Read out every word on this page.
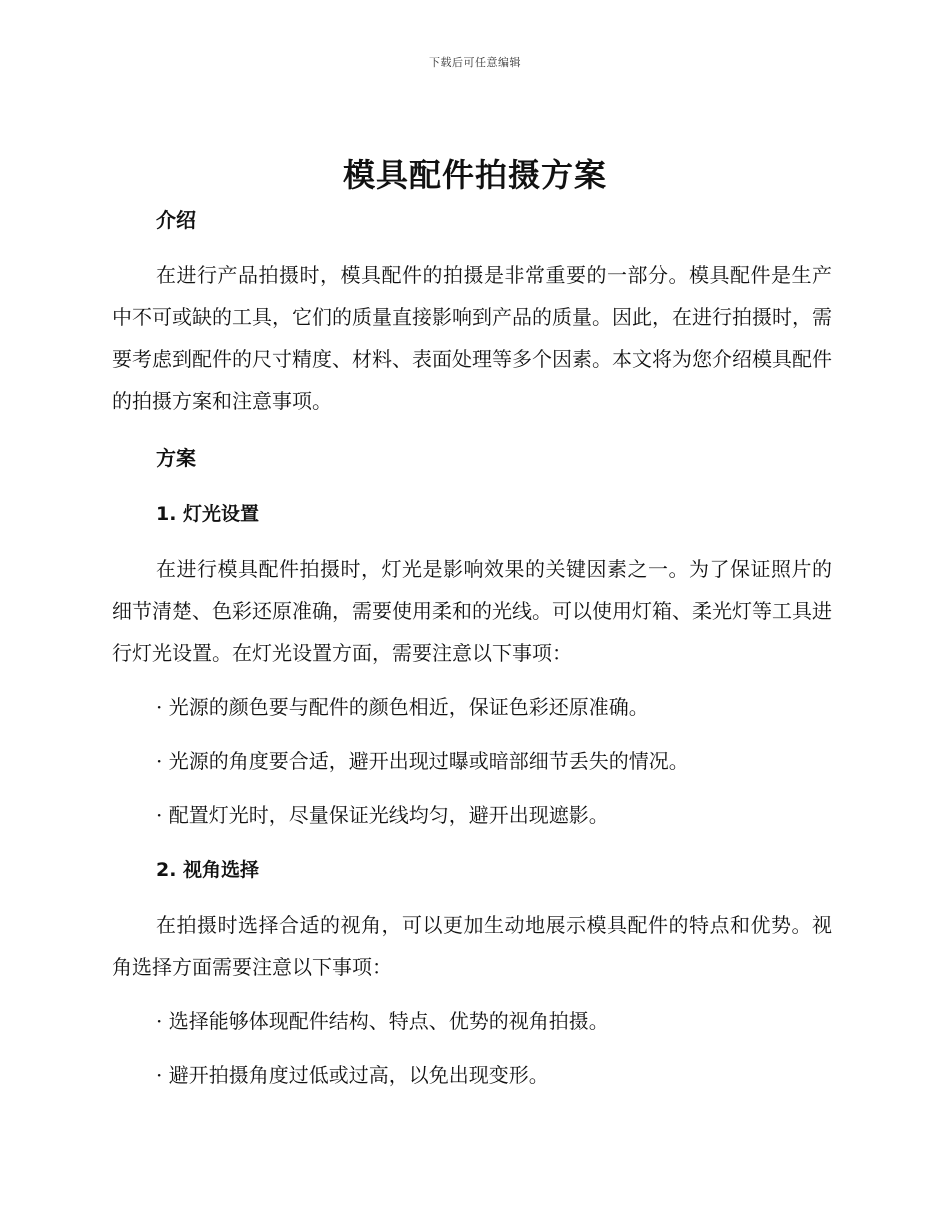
下载后可任意编辑
模具配件拍摄方案
介绍

在进行产品拍摄时，模具配件的拍摄是非常重要的一部分。模具配件是生产中不可或缺的工具，它们的质量直接影响到产品的质量。因此，在进行拍摄时，需要考虑到配件的尺寸精度、材料、表面处理等多个因素。本文将为您介绍模具配件的拍摄方案和注意事项。

方案
1. 灯光设置

在进行模具配件拍摄时，灯光是影响效果的关键因素之一。为了保证照片的细节清楚、色彩还原准确，需要使用柔和的光线。可以使用灯箱、柔光灯等工具进行灯光设置。在灯光设置方面，需要注意以下事项：

· 光源的颜色要与配件的颜色相近，保证色彩还原准确。
· 光源的角度要合适，避开出现过曝或暗部细节丢失的情况。
· 配置灯光时，尽量保证光线均匀，避开出现遮影。
2. 视角选择

在拍摄时选择合适的视角，可以更加生动地展示模具配件的特点和优势。视角选择方面需要注意以下事项：

· 选择能够体现配件结构、特点、优势的视角拍摄。
· 避开拍摄角度过低或过高，以免出现变形。
